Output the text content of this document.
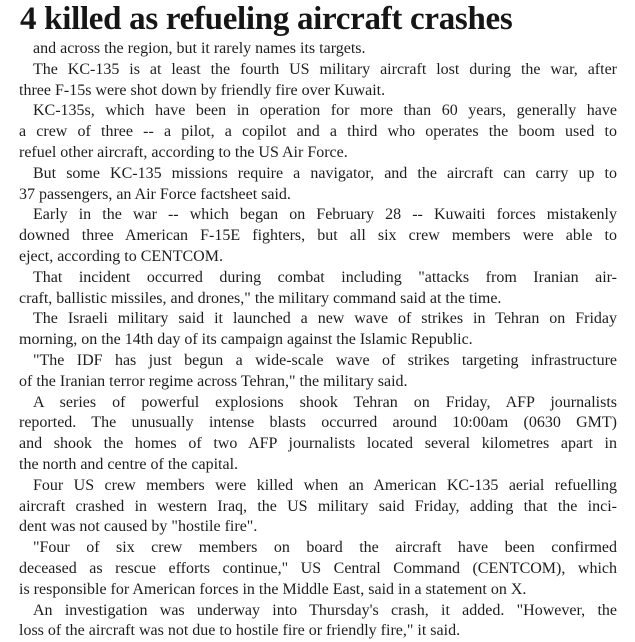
4 killed as refueling aircraft crashes
and across the region, but it rarely names its targets.
The KC-135 is at least the fourth US military aircraft lost during the war, after
three F-15s were shot down by friendly fire over Kuwait.
KC-135s, which have been in operation for more than 60 years, generally have
a crew of three -- a pilot, a copilot and a third who operates the boom used to
refuel other aircraft, according to the US Air Force.
But some KC-135 missions require a navigator, and the aircraft can carry up to
37 passengers, an Air Force factsheet said.
Early in the war -- which began on February 28 -- Kuwaiti forces mistakenly
downed three American F-15E fighters, but all six crew members were able to
eject, according to CENTCOM.
That incident occurred during combat including "attacks from Iranian air-
craft, ballistic missiles, and drones," the military command said at the time.
The Israeli military said it launched a new wave of strikes in Tehran on Friday
morning, on the 14th day of its campaign against the Islamic Republic.
"The IDF has just begun a wide-scale wave of strikes targeting infrastructure
of the Iranian terror regime across Tehran," the military said.
A series of powerful explosions shook Tehran on Friday, AFP journalists
reported. The unusually intense blasts occurred around 10:00am (0630 GMT)
and shook the homes of two AFP journalists located several kilometres apart in
the north and centre of the capital.
Four US crew members were killed when an American KC-135 aerial refuelling
aircraft crashed in western Iraq, the US military said Friday, adding that the inci-
dent was not caused by "hostile fire".
"Four of six crew members on board the aircraft have been confirmed
deceased as rescue efforts continue," US Central Command (CENTCOM), which
is responsible for American forces in the Middle East, said in a statement on X.
An investigation was underway into Thursday's crash, it added. "However, the
loss of the aircraft was not due to hostile fire or friendly fire," it said.
